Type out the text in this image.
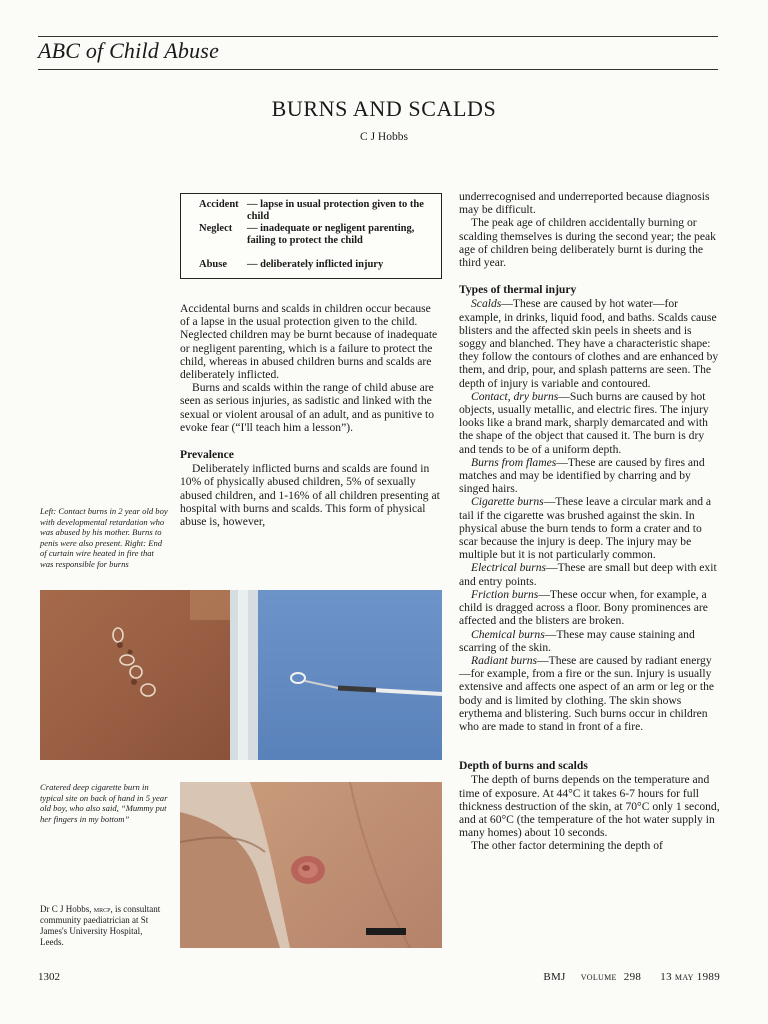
ABC of Child Abuse
BURNS AND SCALDS
C J Hobbs
Accident — lapse in usual protection given to the child
Neglect	— inadequate or negligent parenting, failing to protect the child
Abuse	— deliberately inflicted injury

Accidental burns and scalds in children occur because of a lapse in the usual protection given to the child. Neglected children may be burnt because of inadequate or negligent parenting, which is a failure to protect the child, whereas in abused children burns and scalds are deliberately inflicted.

Burns and scalds within the range of child abuse are seen as serious injuries, as sadistic and linked with the sexual or violent arousal of an adult, and as punitive to evoke fear (“I'll teach him a lesson”).

Prevalence

Deliberately inflicted burns and scalds are found in 10% of physically abused children, 5% of sexually abused children, and 1-16% of all children presenting at hospital with burns and scalds. This form of physical abuse is, however,

Left: Contact burns in 2 year old boy with developmental retardation who was abused by his mother. Burns to penis were also present. Right: End of curtain wire heated in fire that was responsible for burns
Cratered deep cigarette burn in typical site on back of hand in 5 year old boy, who also said, “Mummy put her fingers in my bottom”
Dr C J Hobbs, mrcp, is consultant community paediatrician at St James's University Hospital, Leeds.

underrecognised and underreported because diagnosis may be difficult.

The peak age of children accidentally burning or scalding themselves is during the second year; the peak age of children being deliberately burnt is during the third year.

Types of thermal injury

Scalds—These are caused by hot water—for example, in drinks, liquid food, and baths. Scalds cause blisters and the affected skin peels in sheets and is soggy and blanched. They have a characteristic shape: they follow the contours of clothes and are enhanced by them, and drip, pour, and splash patterns are seen. The depth of injury is variable and contoured.

Contact, dry burns—Such burns are caused by hot objects, usually metallic, and electric fires. The injury looks like a brand mark, sharply demarcated and with the shape of the object that caused it. The burn is dry and tends to be of a uniform depth.

Burns from flames—These are caused by fires and matches and may be identified by charring and by singed hairs.

Cigarette burns—These leave a circular mark and a tail if the cigarette was brushed against the skin. In physical abuse the burn tends to form a crater and to scar because the injury is deep. The injury may be multiple but it is not particularly common.

Electrical burns—These are small but deep with exit and entry points.

Friction burns—These occur when, for example, a child is dragged across a floor. Bony prominences are affected and the blisters are broken.

Chemical burns—These may cause staining and scarring of the skin.

Radiant burns—These are caused by radiant energy—for example, from a fire or the sun. Injury is usually extensive and affects one aspect of an arm or leg or the body and is limited by clothing. The skin shows erythema and blistering. Such burns occur in children who are made to stand in front of a fire.

Depth of burns and scalds

The depth of burns depends on the temperature and time of exposure. At 44°C it takes 6-7 hours for full thickness destruction of the skin, at 70°C only 1 second, and at 60°C (the temperature of the hot water supply in many homes) about 10 seconds.

The other factor determining the depth of

1302	BMJ volume 298 13 may 1989
